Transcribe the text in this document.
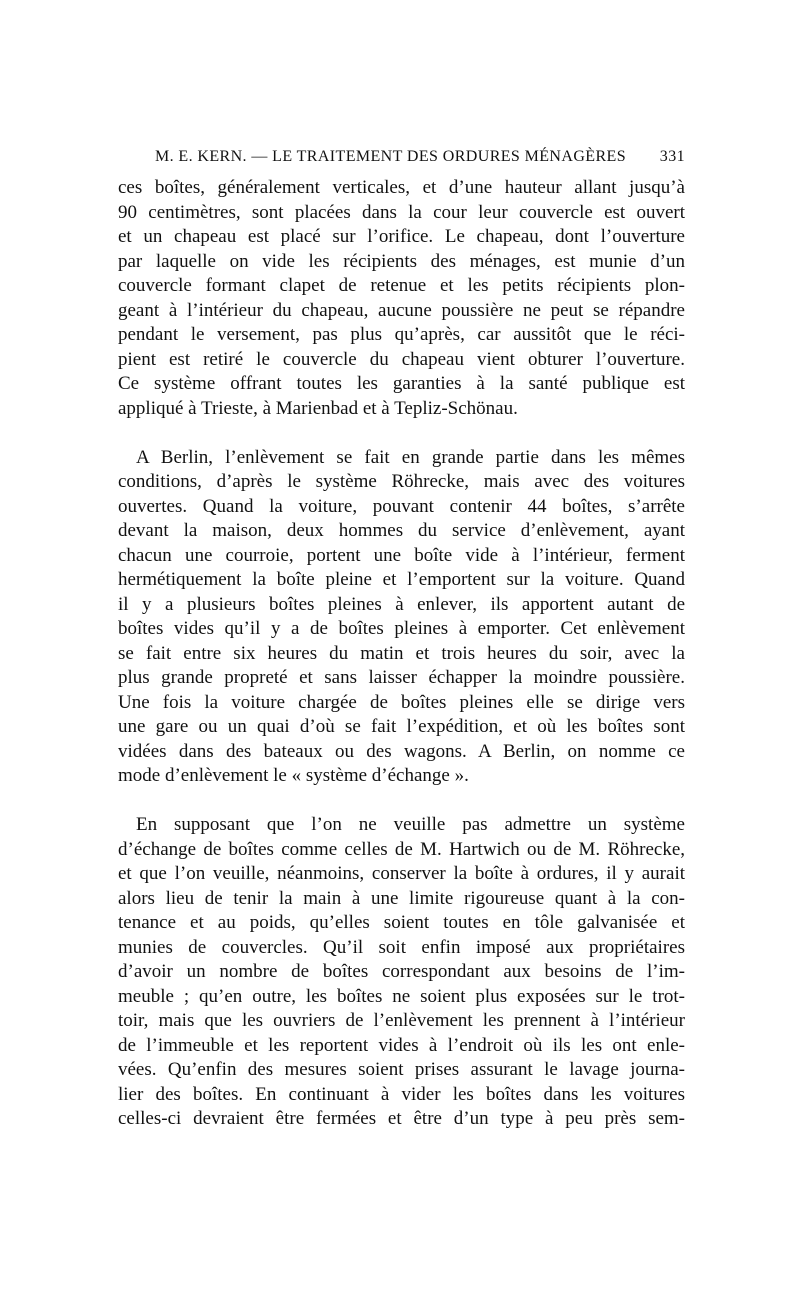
M. E. KERN. — LE TRAITEMENT DES ORDURES MÉNAGÈRES 331
ces boîtes, généralement verticales, et d’une hauteur allant jusqu’à
90 centimètres, sont placées dans la cour leur couvercle est ouvert
et un chapeau est placé sur l’orifice. Le chapeau, dont l’ouverture
par laquelle on vide les récipients des ménages, est munie d’un
couvercle formant clapet de retenue et les petits récipients plon-
geant à l’intérieur du chapeau, aucune poussière ne peut se répandre
pendant le versement, pas plus qu’après, car aussitôt que le réci-
pient est retiré le couvercle du chapeau vient obturer l’ouverture.
Ce système offrant toutes les garanties à la santé publique est
appliqué à Trieste, à Marienbad et à Tepliz-Schönau.
A Berlin, l’enlèvement se fait en grande partie dans les mêmes
conditions, d’après le système Röhrecke, mais avec des voitures
ouvertes. Quand la voiture, pouvant contenir 44 boîtes, s’arrête
devant la maison, deux hommes du service d’enlèvement, ayant
chacun une courroie, portent une boîte vide à l’intérieur, ferment
hermétiquement la boîte pleine et l’emportent sur la voiture. Quand
il y a plusieurs boîtes pleines à enlever, ils apportent autant de
boîtes vides qu’il y a de boîtes pleines à emporter. Cet enlèvement
se fait entre six heures du matin et trois heures du soir, avec la
plus grande propreté et sans laisser échapper la moindre poussière.
Une fois la voiture chargée de boîtes pleines elle se dirige vers
une gare ou un quai d’où se fait l’expédition, et où les boîtes sont
vidées dans des bateaux ou des wagons. A Berlin, on nomme ce
mode d’enlèvement le « système d’échange ».
En supposant que l’on ne veuille pas admettre un système
d’échange de boîtes comme celles de M. Hartwich ou de M. Röhrecke,
et que l’on veuille, néanmoins, conserver la boîte à ordures, il y aurait
alors lieu de tenir la main à une limite rigoureuse quant à la con-
tenance et au poids, qu’elles soient toutes en tôle galvanisée et
munies de couvercles. Qu’il soit enfin imposé aux propriétaires
d’avoir un nombre de boîtes correspondant aux besoins de l’im-
meuble ; qu’en outre, les boîtes ne soient plus exposées sur le trot-
toir, mais que les ouvriers de l’enlèvement les prennent à l’intérieur
de l’immeuble et les reportent vides à l’endroit où ils les ont enle-
vées. Qu’enfin des mesures soient prises assurant le lavage journa-
lier des boîtes. En continuant à vider les boîtes dans les voitures
celles-ci devraient être fermées et être d’un type à peu près sem-
